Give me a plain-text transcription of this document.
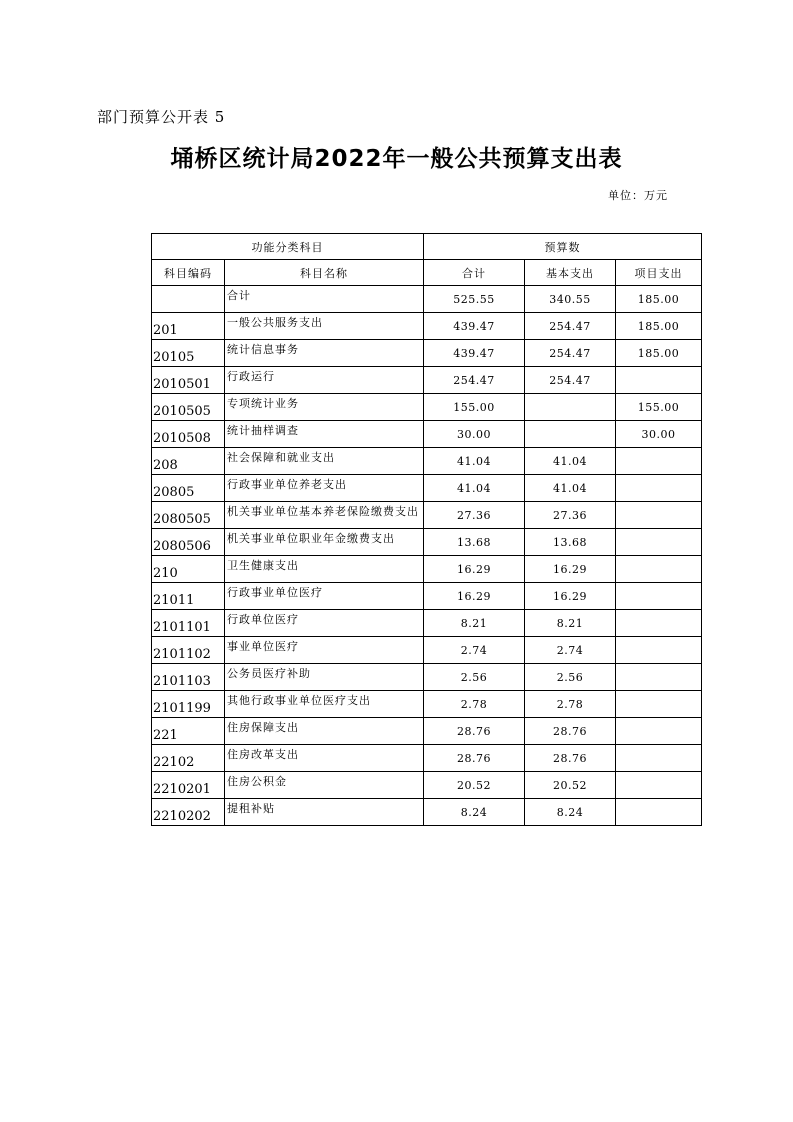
部门预算公开表 5
埇桥区统计局2022年一般公共预算支出表
单位：万元
功能分类科目		预算数		
科目编码	科目名称	合计	基本支出	项目支出
	合计	525.55	340.55	185.00
201	一般公共服务支出	439.47	254.47	185.00
20105	统计信息事务	439.47	254.47	185.00
2010501	行政运行	254.47	254.47	
2010505	专项统计业务	155.00		155.00
2010508	统计抽样调查	30.00		30.00
208	社会保障和就业支出	41.04	41.04	
20805	行政事业单位养老支出	41.04	41.04	
2080505	机关事业单位基本养老保险缴费支出	27.36	27.36	
2080506	机关事业单位职业年金缴费支出	13.68	13.68	
210	卫生健康支出	16.29	16.29	
21011	行政事业单位医疗	16.29	16.29	
2101101	行政单位医疗	8.21	8.21	
2101102	事业单位医疗	2.74	2.74	
2101103	公务员医疗补助	2.56	2.56	
2101199	其他行政事业单位医疗支出	2.78	2.78	
221	住房保障支出	28.76	28.76	
22102	住房改革支出	28.76	28.76	
2210201	住房公积金	20.52	20.52	
2210202	提租补贴	8.24	8.24	
